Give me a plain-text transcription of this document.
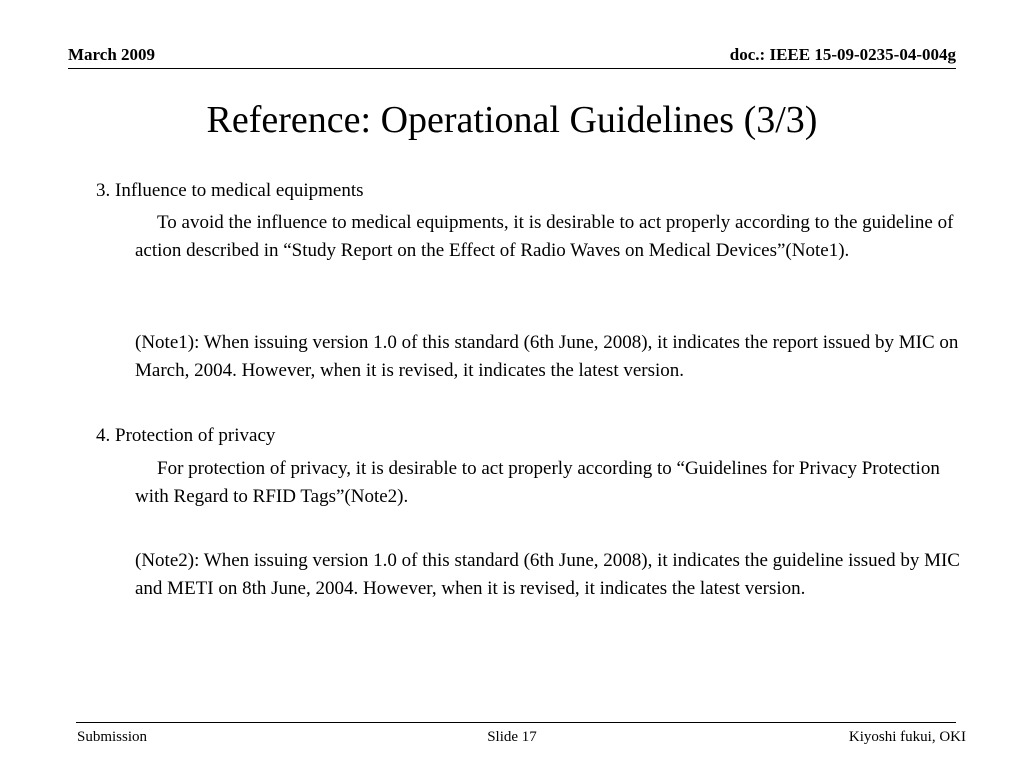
March 2009	doc.: IEEE 15-09-0235-04-004g
Reference: Operational Guidelines (3/3)
3. Influence to medical equipments
To avoid the influence to medical equipments, it is desirable to act properly according to the guideline of action described in “Study Report on the Effect of Radio Waves on Medical Devices”(Note1).
(Note1): When issuing version 1.0 of this standard (6th June, 2008), it indicates the report issued by MIC on March, 2004. However, when it is revised, it indicates the latest version.
4. Protection of privacy
For protection of privacy, it is desirable to act properly according to “Guidelines for Privacy Protection with Regard to RFID Tags”(Note2).
(Note2): When issuing version 1.0 of this standard (6th June, 2008), it indicates the guideline issued by MIC and METI on 8th June, 2004. However, when it is revised, it indicates the latest version.
Submission	Slide 17	Kiyoshi fukui, OKI
